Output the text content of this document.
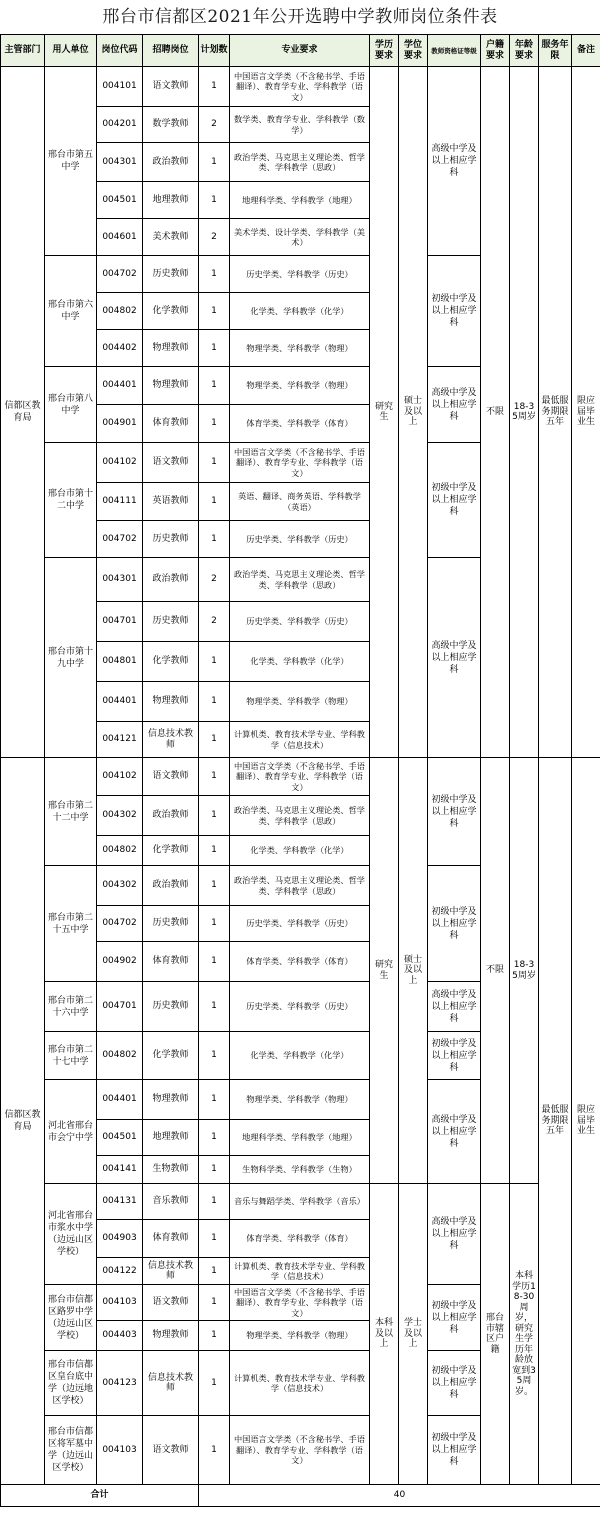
邢台市信都区2021年公开选聘中学教师岗位条件表
主管部门	用人单位	岗位代码	招聘岗位	计划数	专业要求	学历要求	学位要求	教师资格证等级	户籍要求	年龄要求	服务年限	备注
信都区教育局	邢台市第五中学	004101	语文教师	1	中国语言文学类（不含秘书学、手语翻译）、教育学专业、学科教学（语文）	研究生	硕士及以上	高级中学及以上相应学科	不限	18-35周岁	最低服务期限五年	限应届毕业生
		004201	数学教师	2	数学类、教育学专业、学科教学（数学）							
		004301	政治教师	1	政治学类、马克思主义理论类、哲学类、学科教学（思政）							
		004501	地理教师	1	地理科学类、学科教学（地理）							
		004601	美术教师	2	美术学类、设计学类、学科教学（美术）							
	邢台市第六中学	004702	历史教师	1	历史学类、学科教学（历史）			初级中学及以上相应学科				
		004802	化学教师	1	化学类、学科教学（化学）							
		004402	物理教师	1	物理学类、学科教学（物理）							
	邢台市第八中学	004401	物理教师	1	物理学类、学科教学（物理）			高级中学及以上相应学科				
		004901	体育教师	1	体育学类、学科教学（体育）							
	邢台市第十二中学	004102	语文教师	1	中国语言文学类（不含秘书学、手语翻译）、教育学专业、学科教学（语文）			初级中学及以上相应学科				
		004111	英语教师	1	英语、翻译、商务英语、学科教学（英语）							
		004702	历史教师	1	历史学类、学科教学（历史）							
	邢台市第十九中学	004301	政治教师	2	政治学类、马克思主义理论类、哲学类、学科教学（思政）			高级中学及以上相应学科				
		004701	历史教师	2	历史学类、学科教学（历史）							
		004801	化学教师	1	化学类、学科教学（化学）							
		004401	物理教师	1	物理学类、学科教学（物理）							
		004121	信息技术教师	1	计算机类、教育技术学专业、学科教学（信息技术）							
信都区教育局	邢台市第二十二中学	004102	语文教师	1	中国语言文学类（不含秘书学、手语翻译）、教育学专业、学科教学（语文）	研究生	硕士及以上	初级中学及以上相应学科	不限	18-35周岁	最低服务期限五年	限应届毕业生
		004302	政治教师	1	政治学类、马克思主义理论类、哲学类、学科教学（思政）							
		004802	化学教师	1	化学类、学科教学（化学）							
	邢台市第二十五中学	004302	政治教师	1	政治学类、马克思主义理论类、哲学类、学科教学（思政）			初级中学及以上相应学科				
		004702	历史教师	1	历史学类、学科教学（历史）							
		004902	体育教师	1	体育学类、学科教学（体育）							
	邢台市第二十六中学	004701	历史教师	1	历史学类、学科教学（历史）			高级中学及以上相应学科				
	邢台市第二十七中学	004802	化学教师	1	化学类、学科教学（化学）			初级中学及以上相应学科				
	河北省邢台市会宁中学	004401	物理教师	1	物理学类、学科教学（物理）			高级中学及以上相应学科				
		004501	地理教师	1	地理科学类、学科教学（地理）							
		004141	生物教师	1	生物科学类、学科教学（生物）							
	河北省邢台市浆水中学（边远山区学校）	004131	音乐教师	1	音乐与舞蹈学类、学科教学（音乐）	本科及以上	学士及以上	高级中学及以上相应学科	邢台市辖区户籍	本科学历18-30周岁，研究生学历年龄放宽到35周岁。		
		004903	体育教师	1	体育学类、学科教学（体育）							
		004122	信息技术教师	1	计算机类、教育技术学专业、学科教学（信息技术）							
	邢台市信都区路罗中学（边远山区学校）	004103	语文教师	1	中国语言文学类（不含秘书学、手语翻译）、教育学专业、学科教学（语文）			初级中学及以上相应学科				
		004403	物理教师	1	物理学类、学科教学（物理）							
	邢台市信都区皇台底中学（边远地区学校）	004123	信息技术教师	1	计算机类、教育技术学专业、学科教学（信息技术）			初级中学及以上相应学科				
	邢台市信都区将军墓中学（边远山区学校）	004103	语文教师	1	中国语言文学类（不含秘书学、手语翻译）、教育学专业、学科教学（语文）			初级中学及以上相应学科				
合计				40								
